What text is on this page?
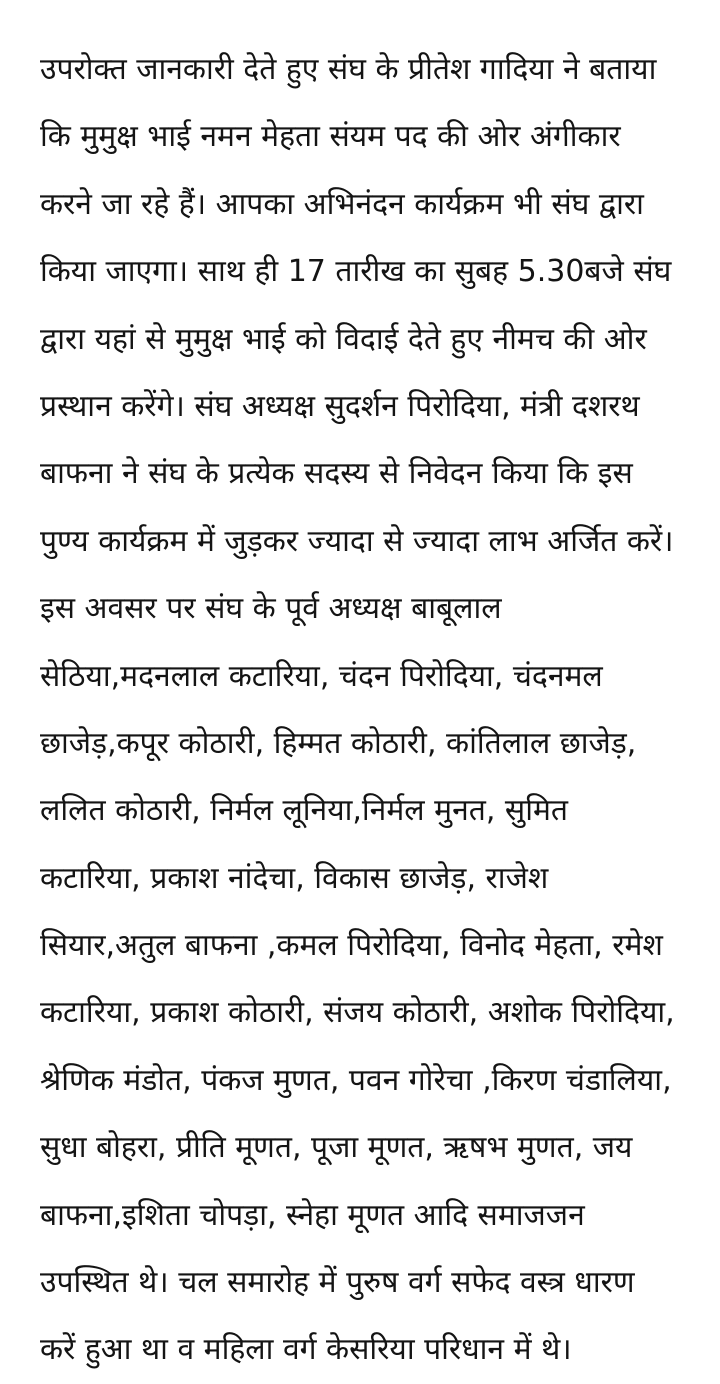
उपरोक्त जानकारी देते हुए संघ के प्रीतेश गादिया ने बताया
कि मुमुक्ष भाई नमन मेहता संयम पद की ओर अंगीकार
करने जा रहे हैं। आपका अभिनंदन कार्यक्रम भी संघ द्वारा
किया जाएगा। साथ ही 17 तारीख का सुबह 5.30बजे संघ
द्वारा यहां से मुमुक्ष भाई को विदाई देते हुए नीमच की ओर
प्रस्थान करेंगे। संघ अध्यक्ष सुदर्शन पिरोदिया, मंत्री दशरथ
बाफना ने संघ के प्रत्येक सदस्य से निवेदन किया कि इस
पुण्य कार्यक्रम में जुड़कर ज्यादा से ज्यादा लाभ अर्जित करें।
इस अवसर पर संघ के पूर्व अध्यक्ष बाबूलाल
सेठिया,मदनलाल कटारिया, चंदन पिरोदिया, चंदनमल
छाजेड़,कपूर कोठारी, हिम्मत कोठारी, कांतिलाल छाजेड़,
ललित कोठारी, निर्मल लूनिया,निर्मल मुनत, सुमित
कटारिया, प्रकाश नांदेचा, विकास छाजेड़, राजेश
सियार,अतुल बाफना ,कमल पिरोदिया, विनोद मेहता, रमेश
कटारिया, प्रकाश कोठारी, संजय कोठारी, अशोक पिरोदिया,
श्रेणिक मंडोत, पंकज मुणत, पवन गोरेचा ,किरण चंडालिया,
सुधा बोहरा, प्रीति मूणत, पूजा मूणत, ऋषभ मुणत, जय
बाफना,इशिता चोपड़ा, स्नेहा मूणत आदि समाजजन
उपस्थित थे। चल समारोह में पुरुष वर्ग सफेद वस्त्र धारण
करें हुआ था व महिला वर्ग केसरिया परिधान में थे।
